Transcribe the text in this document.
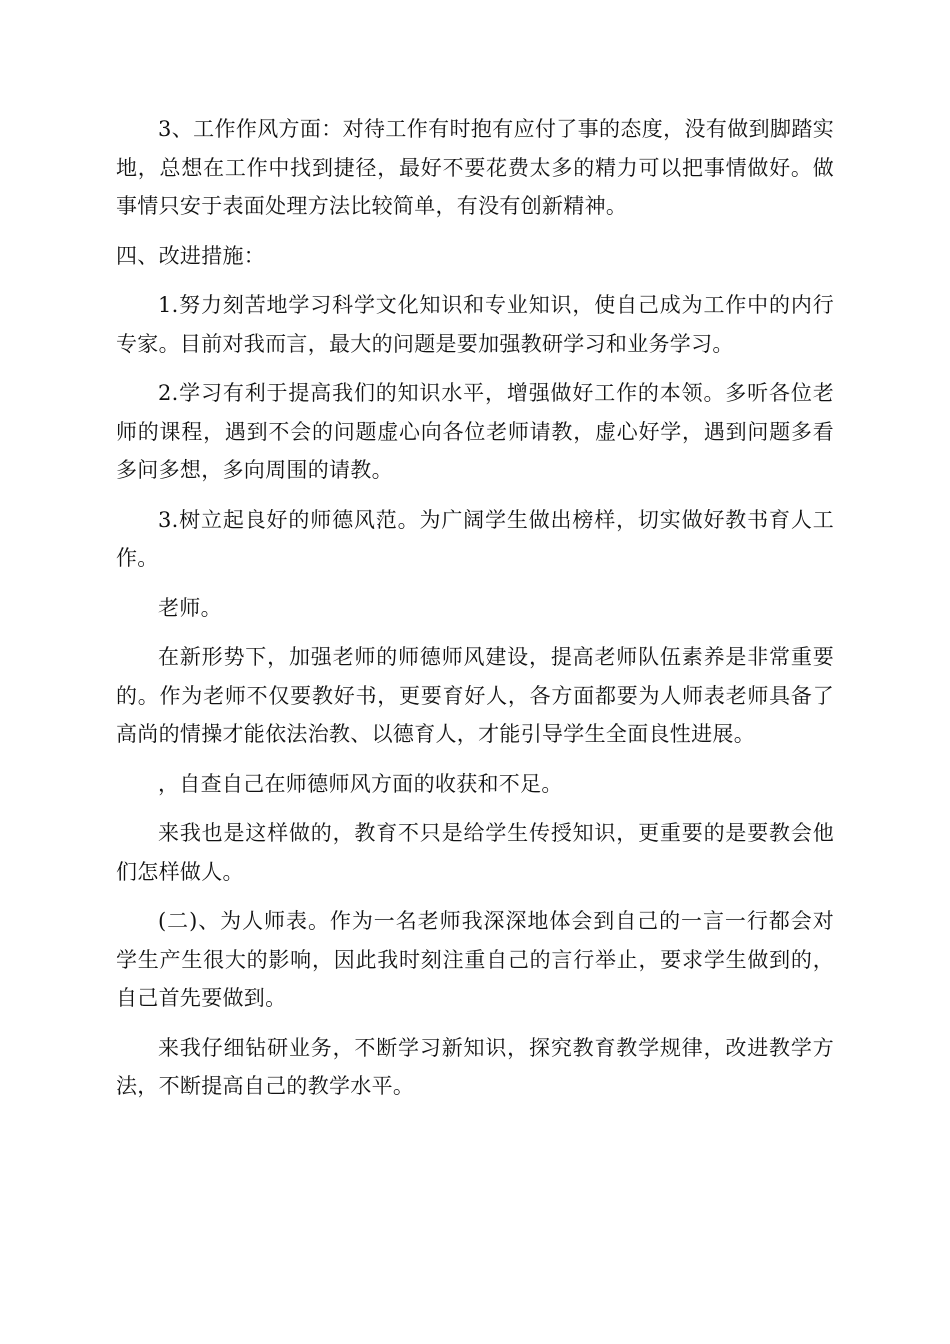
3、工作作风方面：对待工作有时抱有应付了事的态度，没有做到脚踏实地，总想在工作中找到捷径，最好不要花费太多的精力可以把事情做好。做事情只安于表面处理方法比较简单，有没有创新精神。

四、改进措施：

1.努力刻苦地学习科学文化知识和专业知识，使自己成为工作中的内行专家。目前对我而言，最大的问题是要加强教研学习和业务学习。

2.学习有利于提高我们的知识水平，增强做好工作的本领。多听各位老师的课程，遇到不会的问题虚心向各位老师请教，虚心好学，遇到问题多看多问多想，多向周围的请教。

3.树立起良好的师德风范。为广阔学生做出榜样，切实做好教书育人工作。

老师。

在新形势下，加强老师的师德师风建设，提高老师队伍素养是非常重要的。作为老师不仅要教好书，更要育好人，各方面都要为人师表老师具备了高尚的情操才能依法治教、以德育人，才能引导学生全面良性进展。

，自查自己在师德师风方面的收获和不足。

来我也是这样做的，教育不只是给学生传授知识，更重要的是要教会他们怎样做人。

(二)、为人师表。作为一名老师我深深地体会到自己的一言一行都会对学生产生很大的影响，因此我时刻注重自己的言行举止，要求学生做到的，自己首先要做到。

来我仔细钻研业务，不断学习新知识，探究教育教学规律，改进教学方法，不断提高自己的教学水平。
